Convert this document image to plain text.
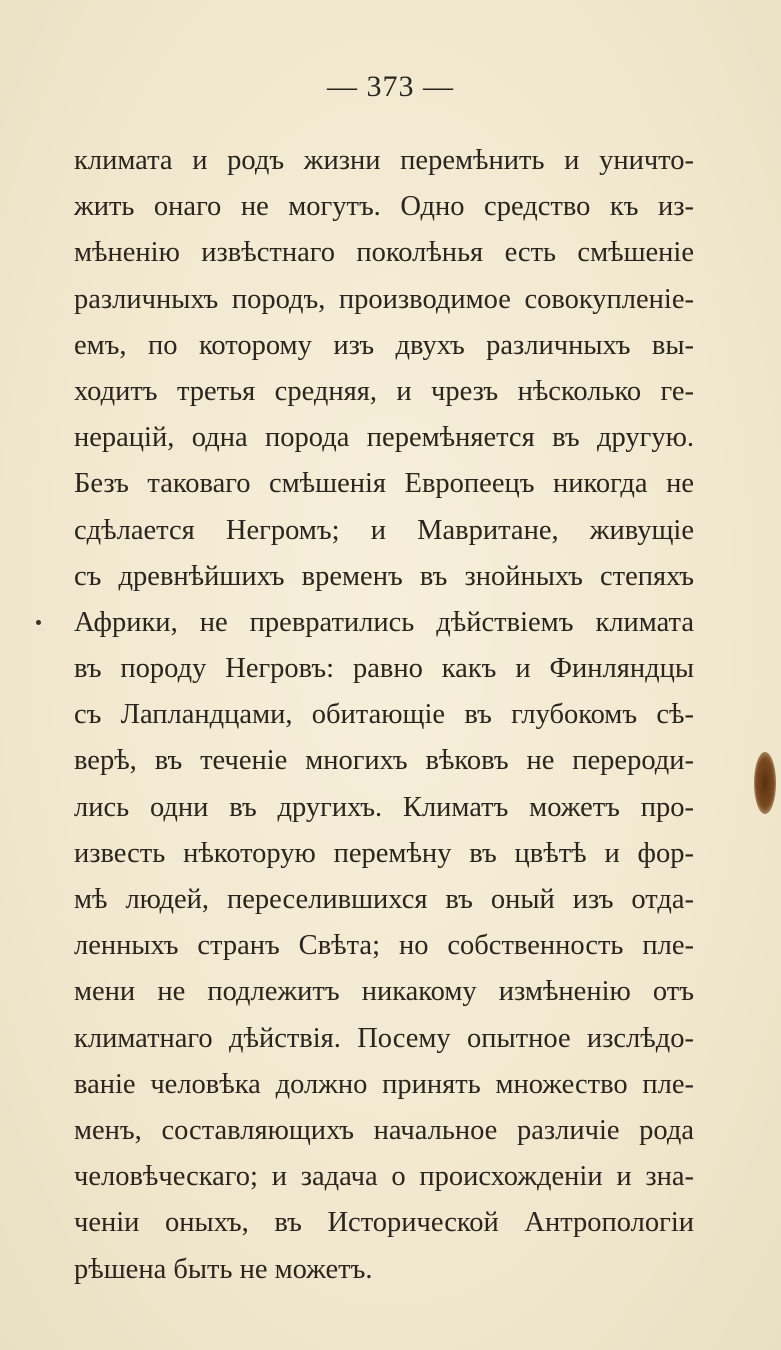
— 373 —
климата и родъ жизни перемѣнить и уничто-
жить онаго не могутъ. Одно средство къ из-
мѣненію извѣстнаго поколѣнья есть смѣшеніе
различныхъ породъ, производимое совокупленіе-
емъ, по которому изъ двухъ различныхъ вы-
ходитъ третья средняя, и чрезъ нѣсколько ге-
нерацій, одна порода перемѣняется въ другую.
Безъ таковаго смѣшенія Европеецъ никогда не
сдѣлается Негромъ; и Мавританe, живущіе
съ древнѣйшихъ временъ въ знойныхъ степяхъ
Африки, не превратились дѣйствіемъ климата
въ породу Негровъ: равно какъ и Финляндцы
съ Лапландцами, обитающіе въ глубокомъ сѣ-
верѣ, въ теченіе многихъ вѣковъ не перероди-
лись одни въ другихъ. Климатъ можетъ про-
известь нѣкоторую перемѣну въ цвѣтѣ и фор-
мѣ людей, переселившихся въ оный изъ отда-
ленныхъ странъ Свѣта; но собственность пле-
мени не подлежитъ никакому измѣненію отъ
климатнаго дѣйствія. Посему опытное изслѣдо-
ваніе человѣка должно принять множество пле-
менъ, составляющихъ начальное различіе рода
человѣческаго; и задача о происхожденіи и зна-
ченіи оныхъ, въ Исторической Антропологіи
рѣшена быть не можетъ.
